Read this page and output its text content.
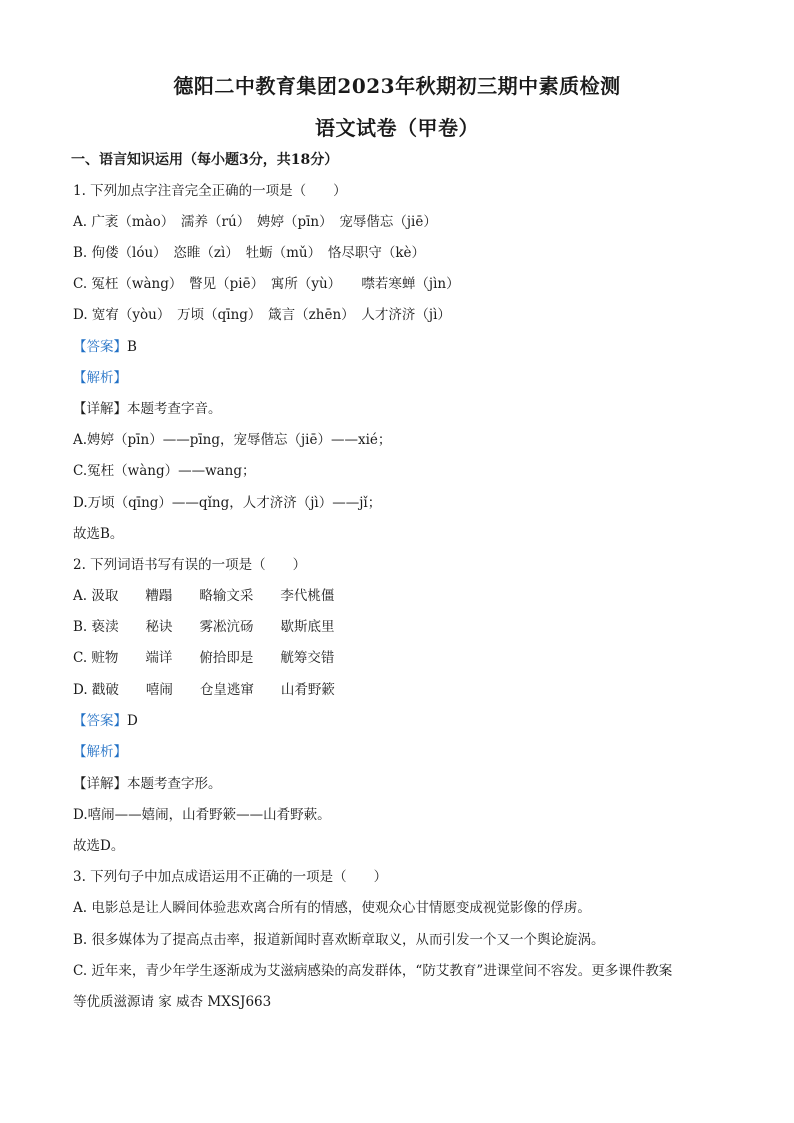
德阳二中教育集团2023年秋期初三期中素质检测
语文试卷（甲卷）
一、语言知识运用（每小题3分，共18分）
1. 下列加点字注音完全正确的一项是（　　）
A. 广袤（mào）　濡养（rú）　娉婷（pīn）　宠辱偕忘（jiē）
B. 佝偻（lóu）　恣睢（zì）　牡蛎（mǔ）　恪尽职守（kè）
C. 冤枉（wàng）　瞥见（piē）　寓所（yù）　　噤若寒蝉（jìn）
D. 宽宥（yòu）　万顷（qīng）　箴言（zhēn）　人才济济（jì）
【答案】B
【解析】
【详解】本题考查字音。
A.娉婷（pīn）——pīng，宠辱偕忘（jiē）——xié；
C.冤枉（wàng）——wang；
D.万顷（qīng）——qǐng，人才济济（jì）——jǐ；
故选B。
2. 下列词语书写有误的一项是（　　）
A. 汲取　　糟蹋　　略输文采　　李代桃僵
B. 亵渎　　秘诀　　雾凇沆砀　　歇斯底里
C. 赃物　　端详　　俯拾即是　　觥筹交错
D. 戳破　　嘻闹　　仓皇逃窜　　山肴野簌
【答案】D
【解析】
【详解】本题考查字形。
D.嘻闹——嬉闹，山肴野簌——山肴野蔌。
故选D。
3. 下列句子中加点成语运用不正确的一项是（　　）
A. 电影总是让人瞬间体验悲欢离合所有的情感，使观众心甘情愿变成视觉影像的俘虏。
B. 很多媒体为了提高点击率，报道新闻时喜欢断章取义，从而引发一个又一个舆论旋涡。
C. 近年来，青少年学生逐渐成为艾滋病感染的高发群体，“防艾教育”进课堂间不容发。更多课件教案
等优质滋源请 家 威杏 MXSJ663
